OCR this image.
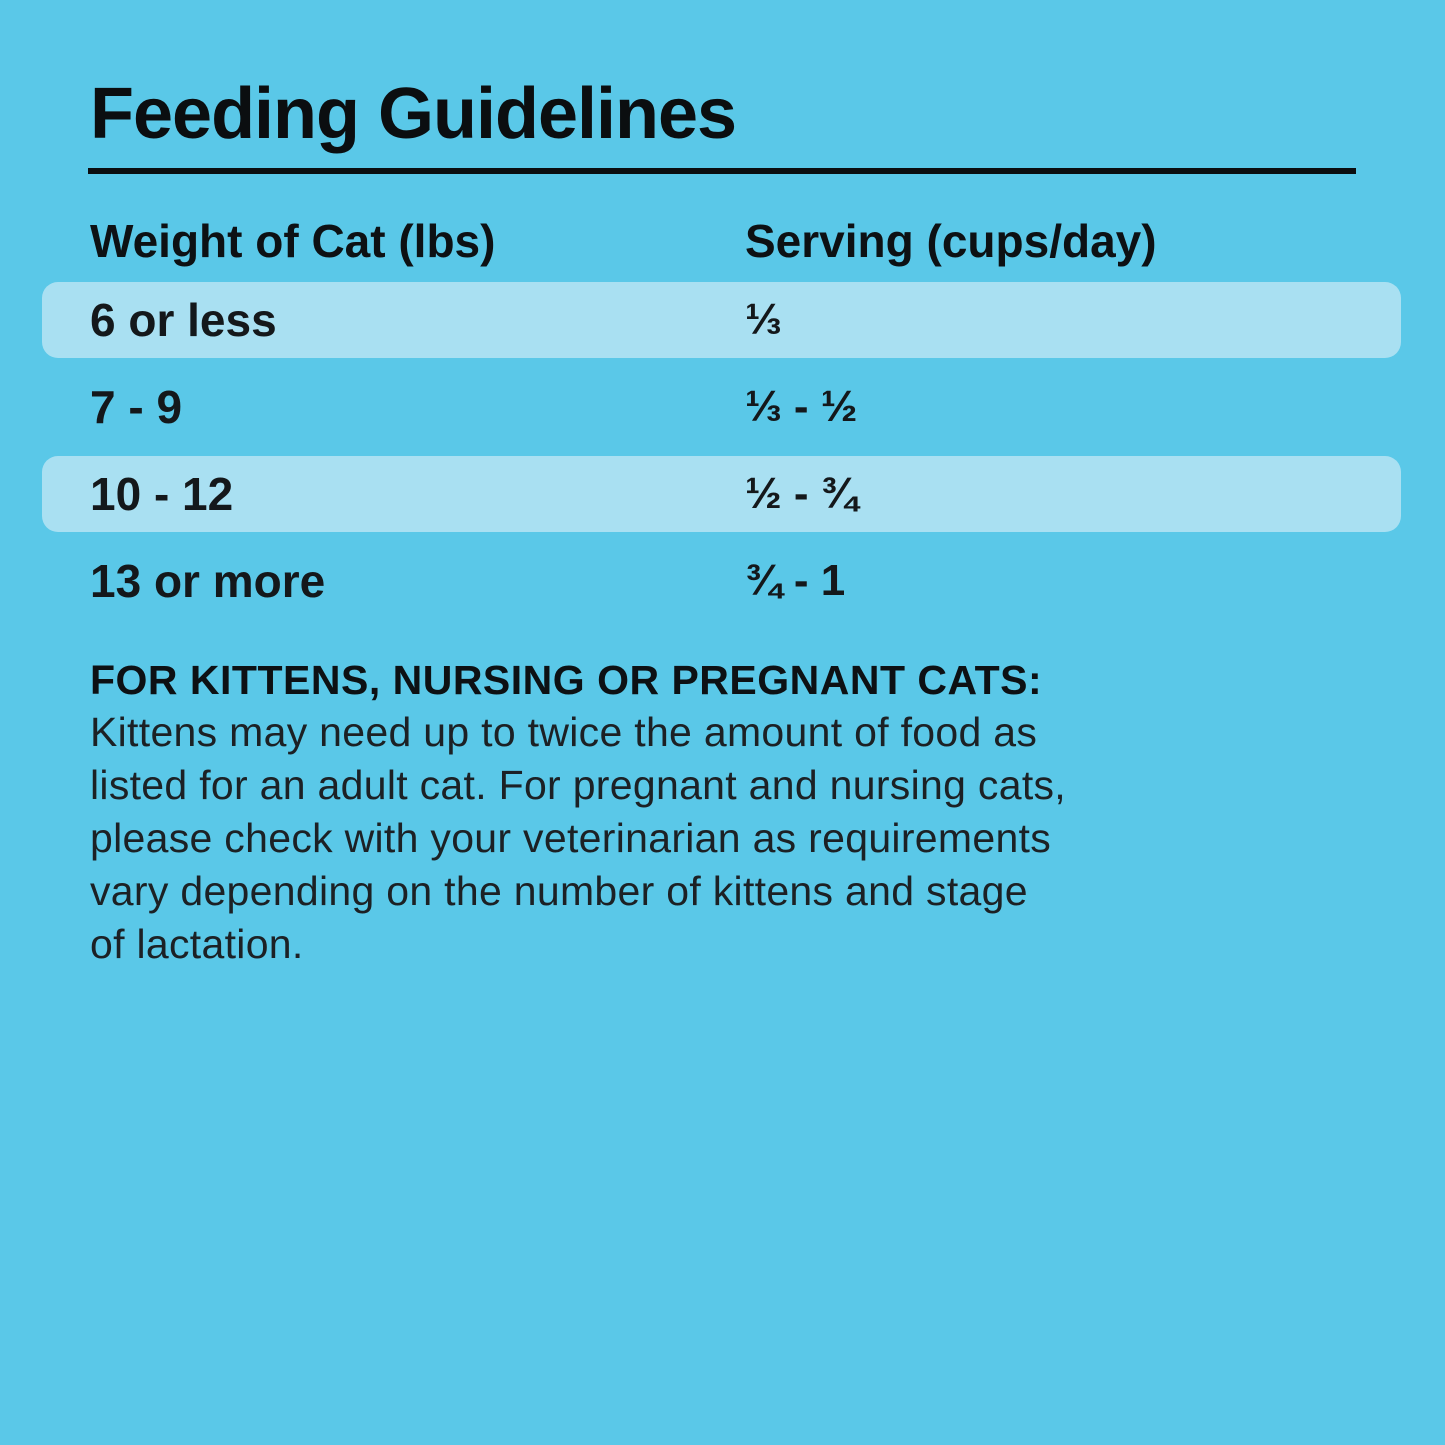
Feeding Guidelines
Weight of Cat (lbs)	Serving (cups/day)
6 or less	⅓
7 - 9	⅓ - ½
10 - 12	½ - ¾
13 or more	¾ - 1
FOR KITTENS, NURSING OR PREGNANT CATS:
Kittens may need up to twice the amount of food as
listed for an adult cat. For pregnant and nursing cats,
please check with your veterinarian as requirements
vary depending on the number of kittens and stage
of lactation.
